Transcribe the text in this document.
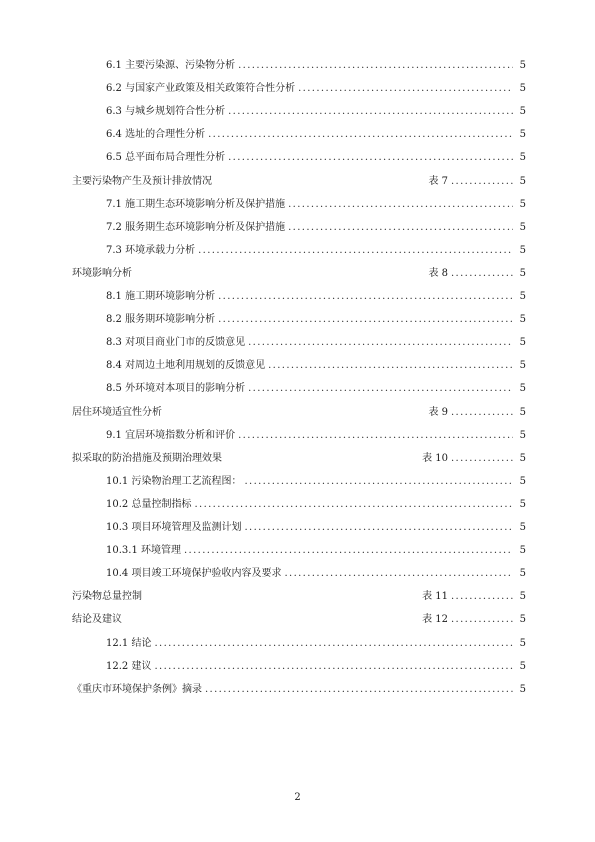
6.1 主要污染源、污染物分析 . . .	5
6.2 与国家产业政策及相关政策符合性分析 . . .	5
6.3 与城乡规划符合性分析 . . .	5
6.4 选址的合理性分析 . . .	5
6.5 总平面布局合理性分析 . . .	5
主要污染物产生及预计排放情况	表 7 . . .	5
7.1 施工期生态环境影响分析及保护措施 . . .	5
7.2 服务期生态环境影响分析及保护措施 . . .	5
7.3 环境承载力分析 . . .	5
环境影响分析	表 8 . . .	5
8.1 施工期环境影响分析 . . .	5
8.2 服务期环境影响分析 . . .	5
8.3 对项目商业门市的反馈意见 . . .	5
8.4 对周边土地利用规划的反馈意见 . . .	5
8.5 外环境对本项目的影响分析 . . .	5
居住环境适宜性分析	表 9 . . .	5
9.1 宜居环境指数分析和评价 . . .	5
拟采取的防治措施及预期治理效果	表 10 . . .	5
10.1 污染物治理工艺流程图： . . .	5
10.2 总量控制指标 . . .	5
10.3 项目环境管理及监测计划 . . .	5
10.3.1 环境管理 . . .	5
10.4 项目竣工环境保护验收内容及要求 . . .	5
污染物总量控制	表 11 . . .	5
结论及建议	表 12 . . .	5
12.1 结论 . . .	5
12.2 建议 . . .	5
《重庆市环境保护条例》摘录 . . .	5
2
